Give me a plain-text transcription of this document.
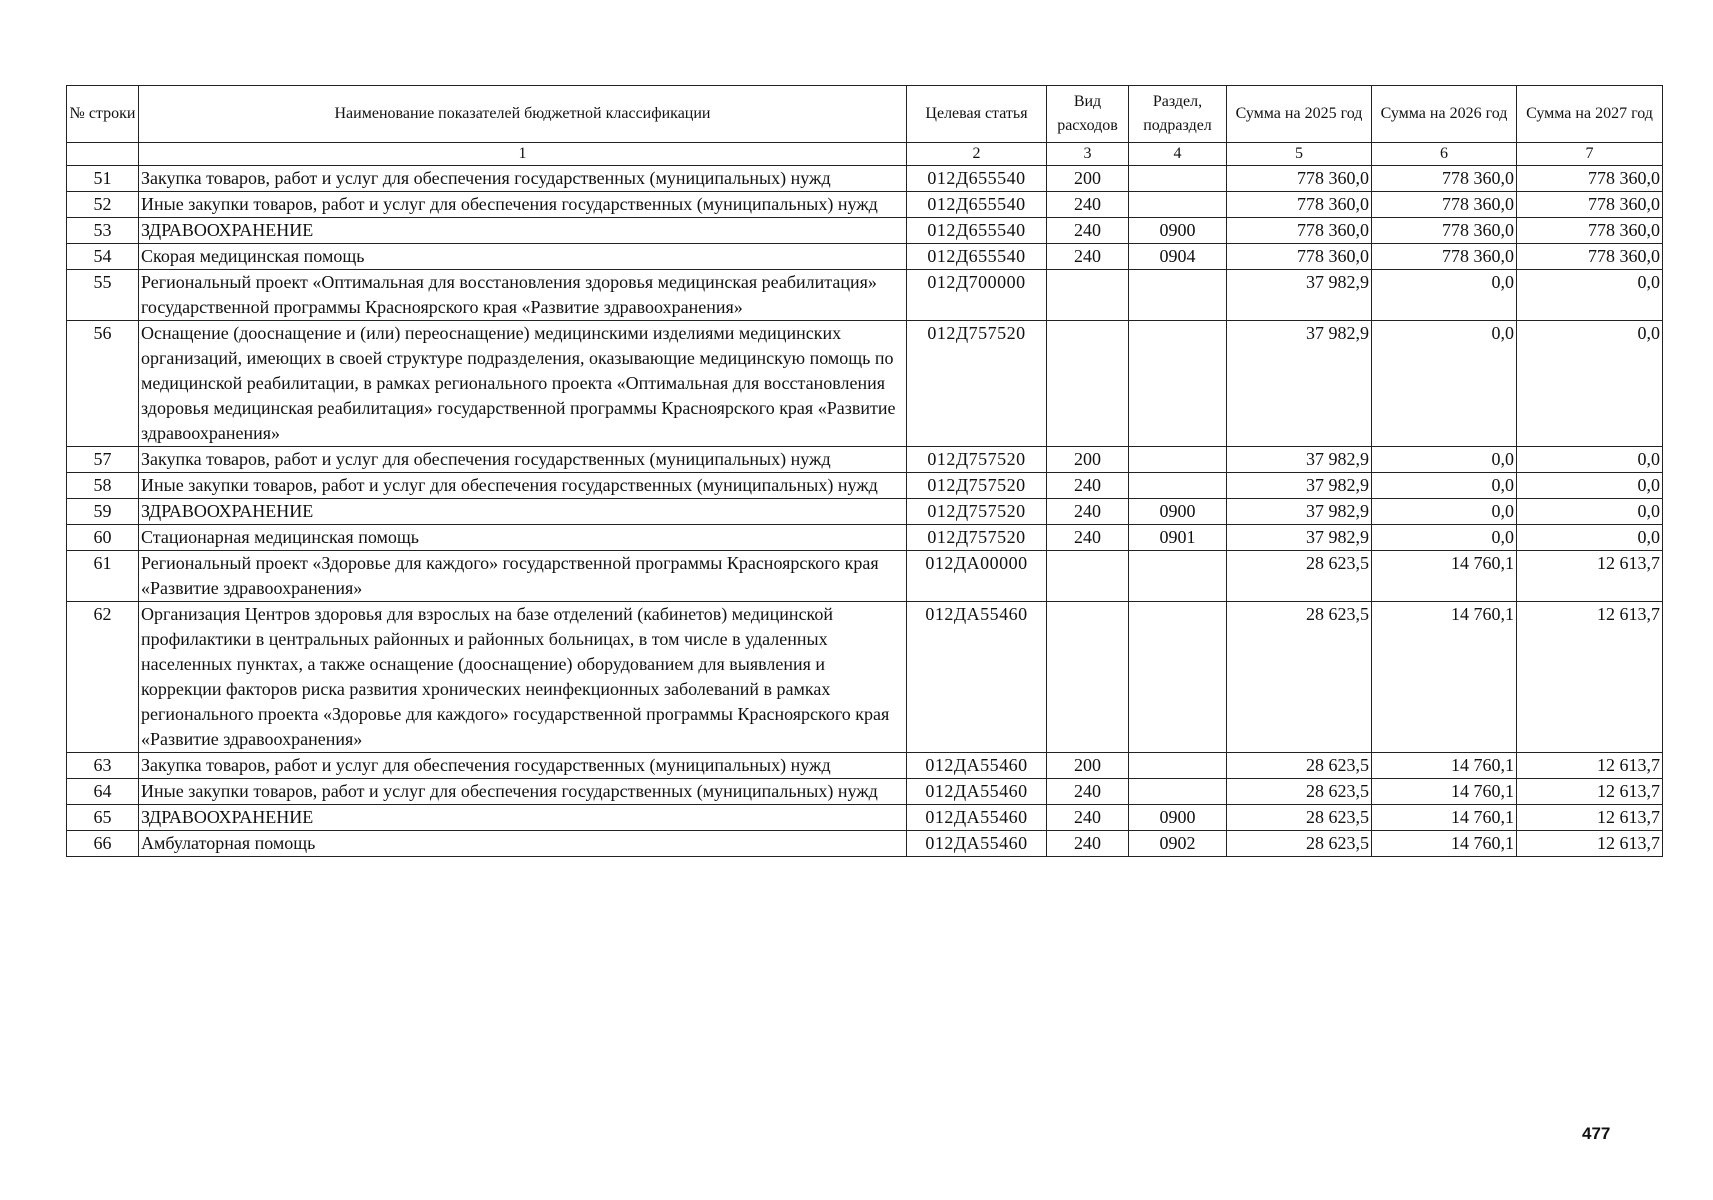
№ строки	Наименование показателей бюджетной классификации	Целевая статья	Вид расходов	Раздел, подраздел	Сумма на 2025 год	Сумма на 2026 год	Сумма на 2027 год
	1	2	3	4	5	6	7
51	Закупка товаров, работ и услуг для обеспечения государственных (муниципальных) нужд	012Д655540	200		778 360,0	778 360,0	778 360,0
52	Иные закупки товаров, работ и услуг для обеспечения государственных (муниципальных) нужд	012Д655540	240		778 360,0	778 360,0	778 360,0
53	ЗДРАВООХРАНЕНИЕ	012Д655540	240	0900	778 360,0	778 360,0	778 360,0
54	Скорая медицинская помощь	012Д655540	240	0904	778 360,0	778 360,0	778 360,0
55	Региональный проект «Оптимальная для восстановления здоровья медицинская реабилитация» государственной программы Красноярского края «Развитие здравоохранения»	012Д700000			37 982,9	0,0	0,0
56	Оснащение (дооснащение и (или) переоснащение) медицинскими изделиями медицинских организаций, имеющих в своей структуре подразделения, оказывающие медицинскую помощь по медицинской реабилитации, в рамках регионального проекта «Оптимальная для восстановления здоровья медицинская реабилитация» государственной программы Красноярского края «Развитие здравоохранения»	012Д757520			37 982,9	0,0	0,0
57	Закупка товаров, работ и услуг для обеспечения государственных (муниципальных) нужд	012Д757520	200		37 982,9	0,0	0,0
58	Иные закупки товаров, работ и услуг для обеспечения государственных (муниципальных) нужд	012Д757520	240		37 982,9	0,0	0,0
59	ЗДРАВООХРАНЕНИЕ	012Д757520	240	0900	37 982,9	0,0	0,0
60	Стационарная медицинская помощь	012Д757520	240	0901	37 982,9	0,0	0,0
61	Региональный проект «Здоровье для каждого» государственной программы Красноярского края «Развитие здравоохранения»	012ДА00000			28 623,5	14 760,1	12 613,7
62	Организация Центров здоровья для взрослых на базе отделений (кабинетов) медицинской профилактики в центральных районных и районных больницах, в том числе в удаленных населенных пунктах, а также оснащение (дооснащение) оборудованием для выявления и коррекции факторов риска развития хронических неинфекционных заболеваний в рамках регионального проекта «Здоровье для каждого» государственной программы Красноярского края «Развитие здравоохранения»	012ДА55460			28 623,5	14 760,1	12 613,7
63	Закупка товаров, работ и услуг для обеспечения государственных (муниципальных) нужд	012ДА55460	200		28 623,5	14 760,1	12 613,7
64	Иные закупки товаров, работ и услуг для обеспечения государственных (муниципальных) нужд	012ДА55460	240		28 623,5	14 760,1	12 613,7
65	ЗДРАВООХРАНЕНИЕ	012ДА55460	240	0900	28 623,5	14 760,1	12 613,7
66	Амбулаторная помощь	012ДА55460	240	0902	28 623,5	14 760,1	12 613,7
477
